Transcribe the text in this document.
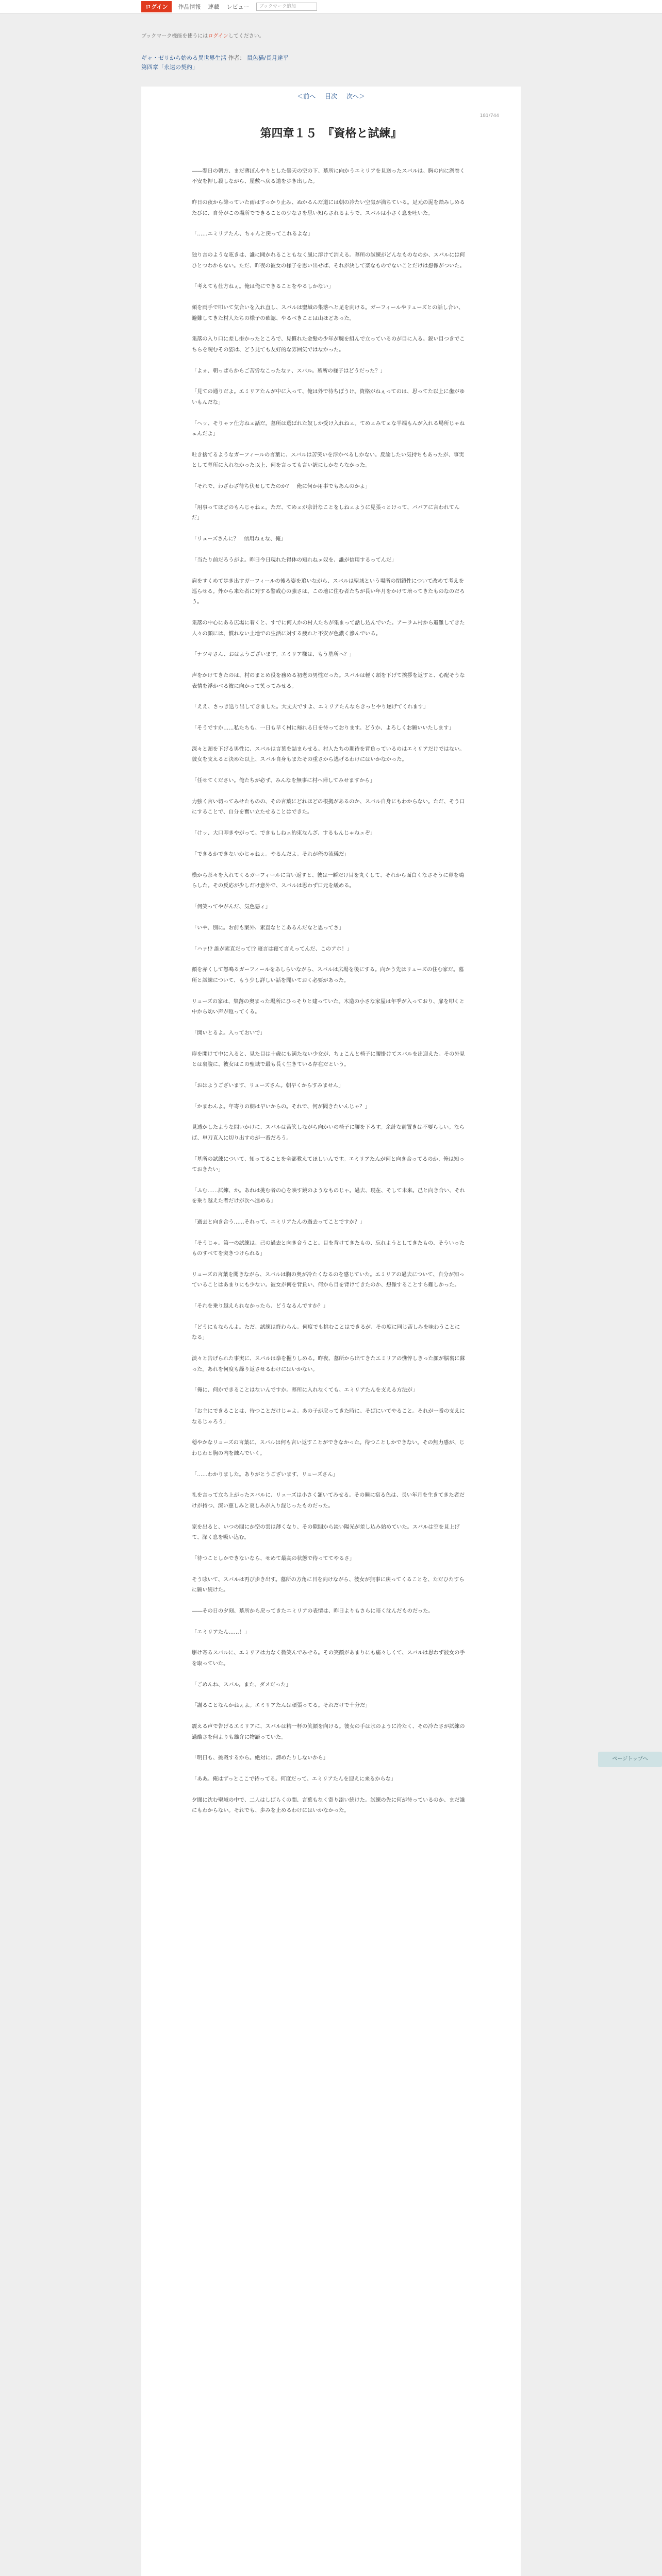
ログイン	作品情報 連載 レビュー	ブックマーク追加
ブックマーク機能を使うにはログインしてください。
ギャ・ゼリから始める異世界生活 作者： 鼠色猫/長月達平
第四章「永遠の契約」
＜前へ 目次 次へ＞
181/744
第四章１５　『資格と試練』

――翌日の朝方、まだ薄ぼんやりとした曇天の空の下、墓所に向かうエミリアを見送ったスバルは、胸の内に渦巻く不安を押し殺しながら、屋敷へ戻る道を歩き出した。

昨日の夜から降っていた雨はすっかり止み、ぬかるんだ道には朝の冷たい空気が満ちている。足元の泥を踏みしめるたびに、自分がこの場所でできることの少なさを思い知らされるようで、スバルは小さく息を吐いた。

「……エミリアたん、ちゃんと戻ってこれるよな」

独り言のような呟きは、誰に聞かれることもなく風に溶けて消える。墓所の試練がどんなものなのか、スバルには何ひとつわからない。ただ、昨夜の彼女の様子を思い出せば、それが決して楽なものでないことだけは想像がついた。

「考えても仕方ねぇ。俺は俺にできることをやるしかない」

頬を両手で叩いて気合いを入れ直し、スバルは聖域の集落へと足を向ける。ガーフィールやリューズとの話し合い、避難してきた村人たちの様子の確認、やるべきことは山ほどあった。

集落の入り口に差し掛かったところで、見慣れた金髪の少年が腕を組んで立っているのが目に入る。鋭い目つきでこちらを睨むその姿は、どう見ても友好的な雰囲気ではなかった。

「よォ、朝っぱらからご苦労なこったなァ、スバル。墓所の様子はどうだった？」

「見ての通りだよ。エミリアたんが中に入って、俺は外で待ちぼうけ。資格がねぇってのは、思ってた以上に歯がゆいもんだな」

「へッ、そりゃァ仕方ねェ話だ。墓所は選ばれた奴しか受け入れねェ。てめェみてェな半端もんが入れる場所じゃねェんだよ」

吐き捨てるようなガーフィールの言葉に、スバルは苦笑いを浮かべるしかない。反論したい気持ちもあったが、事実として墓所に入れなかった以上、何を言っても言い訳にしかならなかった。

「それで、わざわざ待ち伏せしてたのか？　俺に何か用事でもあんのかよ」

「用事ってほどのもんじゃねェ。ただ、てめェが余計なことをしねェように見張っとけって、ババアに言われてんだ」

「リューズさんに？　信用ねぇな、俺」

「当たり前だろうがよ。昨日今日現れた得体の知れねェ奴を、誰が信用するってんだ」

肩をすくめて歩き出すガーフィールの後ろ姿を追いながら、スバルは聖域という場所の閉鎖性について改めて考えを巡らせる。外から来た者に対する警戒心の強さは、この地に住む者たちが長い年月をかけて培ってきたものなのだろう。

集落の中心にある広場に着くと、すでに何人かの村人たちが集まって話し込んでいた。アーラム村から避難してきた人々の顔には、慣れない土地での生活に対する疲れと不安が色濃く滲んでいる。

「ナツキさん、おはようございます。エミリア様は、もう墓所へ？」

声をかけてきたのは、村のまとめ役を務める初老の男性だった。スバルは軽く頭を下げて挨拶を返すと、心配そうな表情を浮かべる彼に向かって笑ってみせる。

「ええ、さっき送り出してきました。大丈夫ですよ、エミリアたんならきっとやり遂げてくれます」

「そうですか……私たちも、一日も早く村に帰れる日を待っております。どうか、よろしくお願いいたします」

深々と頭を下げる男性に、スバルは言葉を詰まらせる。村人たちの期待を背負っているのはエミリアだけではない。彼女を支えると決めた以上、スバル自身もまたその重さから逃げるわけにはいかなかった。

「任せてください。俺たちが必ず、みんなを無事に村へ帰してみせますから」

力強く言い切ってみせたものの、その言葉にどれほどの根拠があるのか、スバル自身にもわからない。ただ、そう口にすることで、自分を奮い立たせることはできた。

「けッ、大口叩きやがって。できもしねェ約束なんざ、するもんじゃねェぞ」

「できるかできないかじゃねぇ。やるんだよ。それが俺の流儀だ」

横から茶々を入れてくるガーフィールに言い返すと、彼は一瞬だけ目を丸くして、それから面白くなさそうに鼻を鳴らした。その反応が少しだけ意外で、スバルは思わず口元を緩める。

「何笑ってやがんだ、気色悪ィ」

「いや、別に。お前も案外、素直なとこあるんだなと思ってさ」

「ハァ!? 誰が素直だって!? 寝言は寝て言えってんだ、このアホ！」

顔を赤くして怒鳴るガーフィールをあしらいながら、スバルは広場を後にする。向かう先はリューズの住む家だ。墓所と試練について、もう少し詳しい話を聞いておく必要があった。

リューズの家は、集落の奥まった場所にひっそりと建っていた。木造の小さな家屋は年季が入っており、扉を叩くと中から幼い声が返ってくる。

「開いとるよ。入っておいで」

扉を開けて中に入ると、見た目は十歳にも満たない少女が、ちょこんと椅子に腰掛けてスバルを出迎えた。その外見とは裏腹に、彼女はこの聖域で最も長く生きている存在だという。

「おはようございます、リューズさん。朝早くからすみません」

「かまわんよ。年寄りの朝は早いからの。それで、何が聞きたいんじゃ？」

見透かしたような問いかけに、スバルは苦笑しながら向かいの椅子に腰を下ろす。余計な前置きは不要らしい。ならば、単刀直入に切り出すのが一番だろう。

「墓所の試練について、知ってることを全部教えてほしいんです。エミリアたんが何と向き合ってるのか、俺は知っておきたい」

「ふむ……試練、か。あれは挑む者の心を映す鏡のようなものじゃ。過去、現在、そして未来。己と向き合い、それを乗り越えた者だけが次へ進める」

「過去と向き合う……それって、エミリアたんの過去ってことですか？」

「そうじゃ。第一の試練は、己の過去と向き合うこと。目を背けてきたもの、忘れようとしてきたもの、そういったものすべてを突きつけられる」

リューズの言葉を聞きながら、スバルは胸の奥が冷たくなるのを感じていた。エミリアの過去について、自分が知っていることはあまりにも少ない。彼女が何を背負い、何から目を背けてきたのか、想像することすら難しかった。

「それを乗り越えられなかったら、どうなるんですか？」

「どうにもならんよ。ただ、試練は終わらん。何度でも挑むことはできるが、その度に同じ苦しみを味わうことになる」

淡々と告げられた事実に、スバルは拳を握りしめる。昨夜、墓所から出てきたエミリアの憔悴しきった顔が脳裏に蘇った。あれを何度も繰り返させるわけにはいかない。

「俺に、何かできることはないんですか。墓所に入れなくても、エミリアたんを支える方法が」

「お主にできることは、待つことだけじゃよ。あの子が戻ってきた時に、そばにいてやること。それが一番の支えになるじゃろう」

穏やかなリューズの言葉に、スバルは何も言い返すことができなかった。待つことしかできない。その無力感が、じわじわと胸の内を蝕んでいく。

「……わかりました。ありがとうございます、リューズさん」

礼を言って立ち上がったスバルに、リューズは小さく頷いてみせる。その瞳に宿る色は、長い年月を生きてきた者だけが持つ、深い慈しみと哀しみが入り混じったものだった。

家を出ると、いつの間にか空の雲は薄くなり、その隙間から淡い陽光が差し込み始めていた。スバルは空を見上げて、深く息を吸い込む。

「待つことしかできないなら、せめて最高の状態で待っててやるさ」

そう呟いて、スバルは再び歩き出す。墓所の方角に目を向けながら、彼女が無事に戻ってくることを、ただひたすらに願い続けた。

――その日の夕刻、墓所から戻ってきたエミリアの表情は、昨日よりもさらに暗く沈んだものだった。

「エミリアたん……！」

駆け寄るスバルに、エミリアは力なく微笑んでみせる。その笑顔があまりにも痛々しくて、スバルは思わず彼女の手を取っていた。

「ごめんね、スバル。また、ダメだった」

「謝ることなんかねぇよ。エミリアたんは頑張ってる。それだけで十分だ」

震える声で告げるエミリアに、スバルは精一杯の笑顔を向ける。彼女の手は氷のように冷たく、その冷たさが試練の過酷さを何よりも雄弁に物語っていた。

「明日も、挑戦するから。絶対に、諦めたりしないから」

「ああ。俺はずっとここで待ってる。何度だって、エミリアたんを迎えに来るからな」

夕闇に沈む聖域の中で、二人はしばらくの間、言葉もなく寄り添い続けた。試練の先に何が待っているのか、まだ誰にもわからない。それでも、歩みを止めるわけにはいかなかった。

ページトップへ
